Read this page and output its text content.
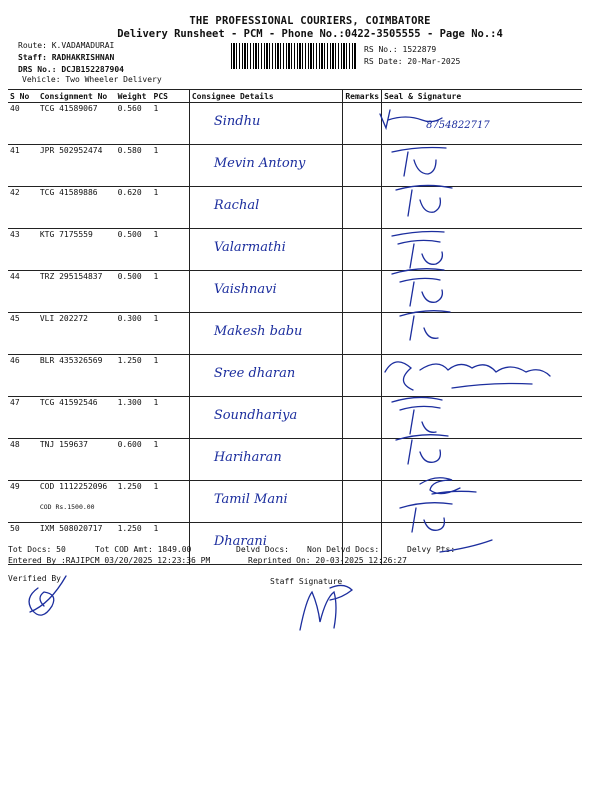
THE PROFESSIONAL COURIERS, COIMBATORE
Delivery Runsheet - PCM - Phone No.:0422-3505555 - Page No.:4
Route: K.VADAMADURAI
Staff: RADHAKRISHNAN
DRS No.: DCJB152287904
Vehicle: Two Wheeler Delivery
RS No.: 1522879
RS Date: 20-Mar-2025
S No	Consignment No	Weight	PCS	Consignee Details	Remarks	Seal & Signature
40	TCG 41589067	0.560	1	Sindhu		8754822717

41	JPR 502952474	0.580	1	Mevin Antony		
42	TCG 41589886	0.620	1	Rachal		
43	KTG 7175559	0.500	1	Valarmathi		
44	TRZ 295154837	0.500	1	Vaishnavi		
45	VLI 202272	0.300	1	Makesh babu		
46	BLR 435326569	1.250	1	Sree dharan		
47	TCG 41592546	1.300	1	Soundhariya		
48	TNJ 159637	0.600	1	Hariharan		
49	COD 1112252096
COD Rs.1500.00	1.250	1	Tamil Mani		
50	IXM 508020717	1.250	1	Dharani		
Tot Docs: 50	Tot COD Amt: 1849.00	Delvd Docs: Non Delvd Docs:	Delvy Pts:
Entered By :RAJIPCM 03/20/2025 12:23:36 PM	Reprinted On: 20-03-2025 12:26:27
Verified By	Staff Signature
